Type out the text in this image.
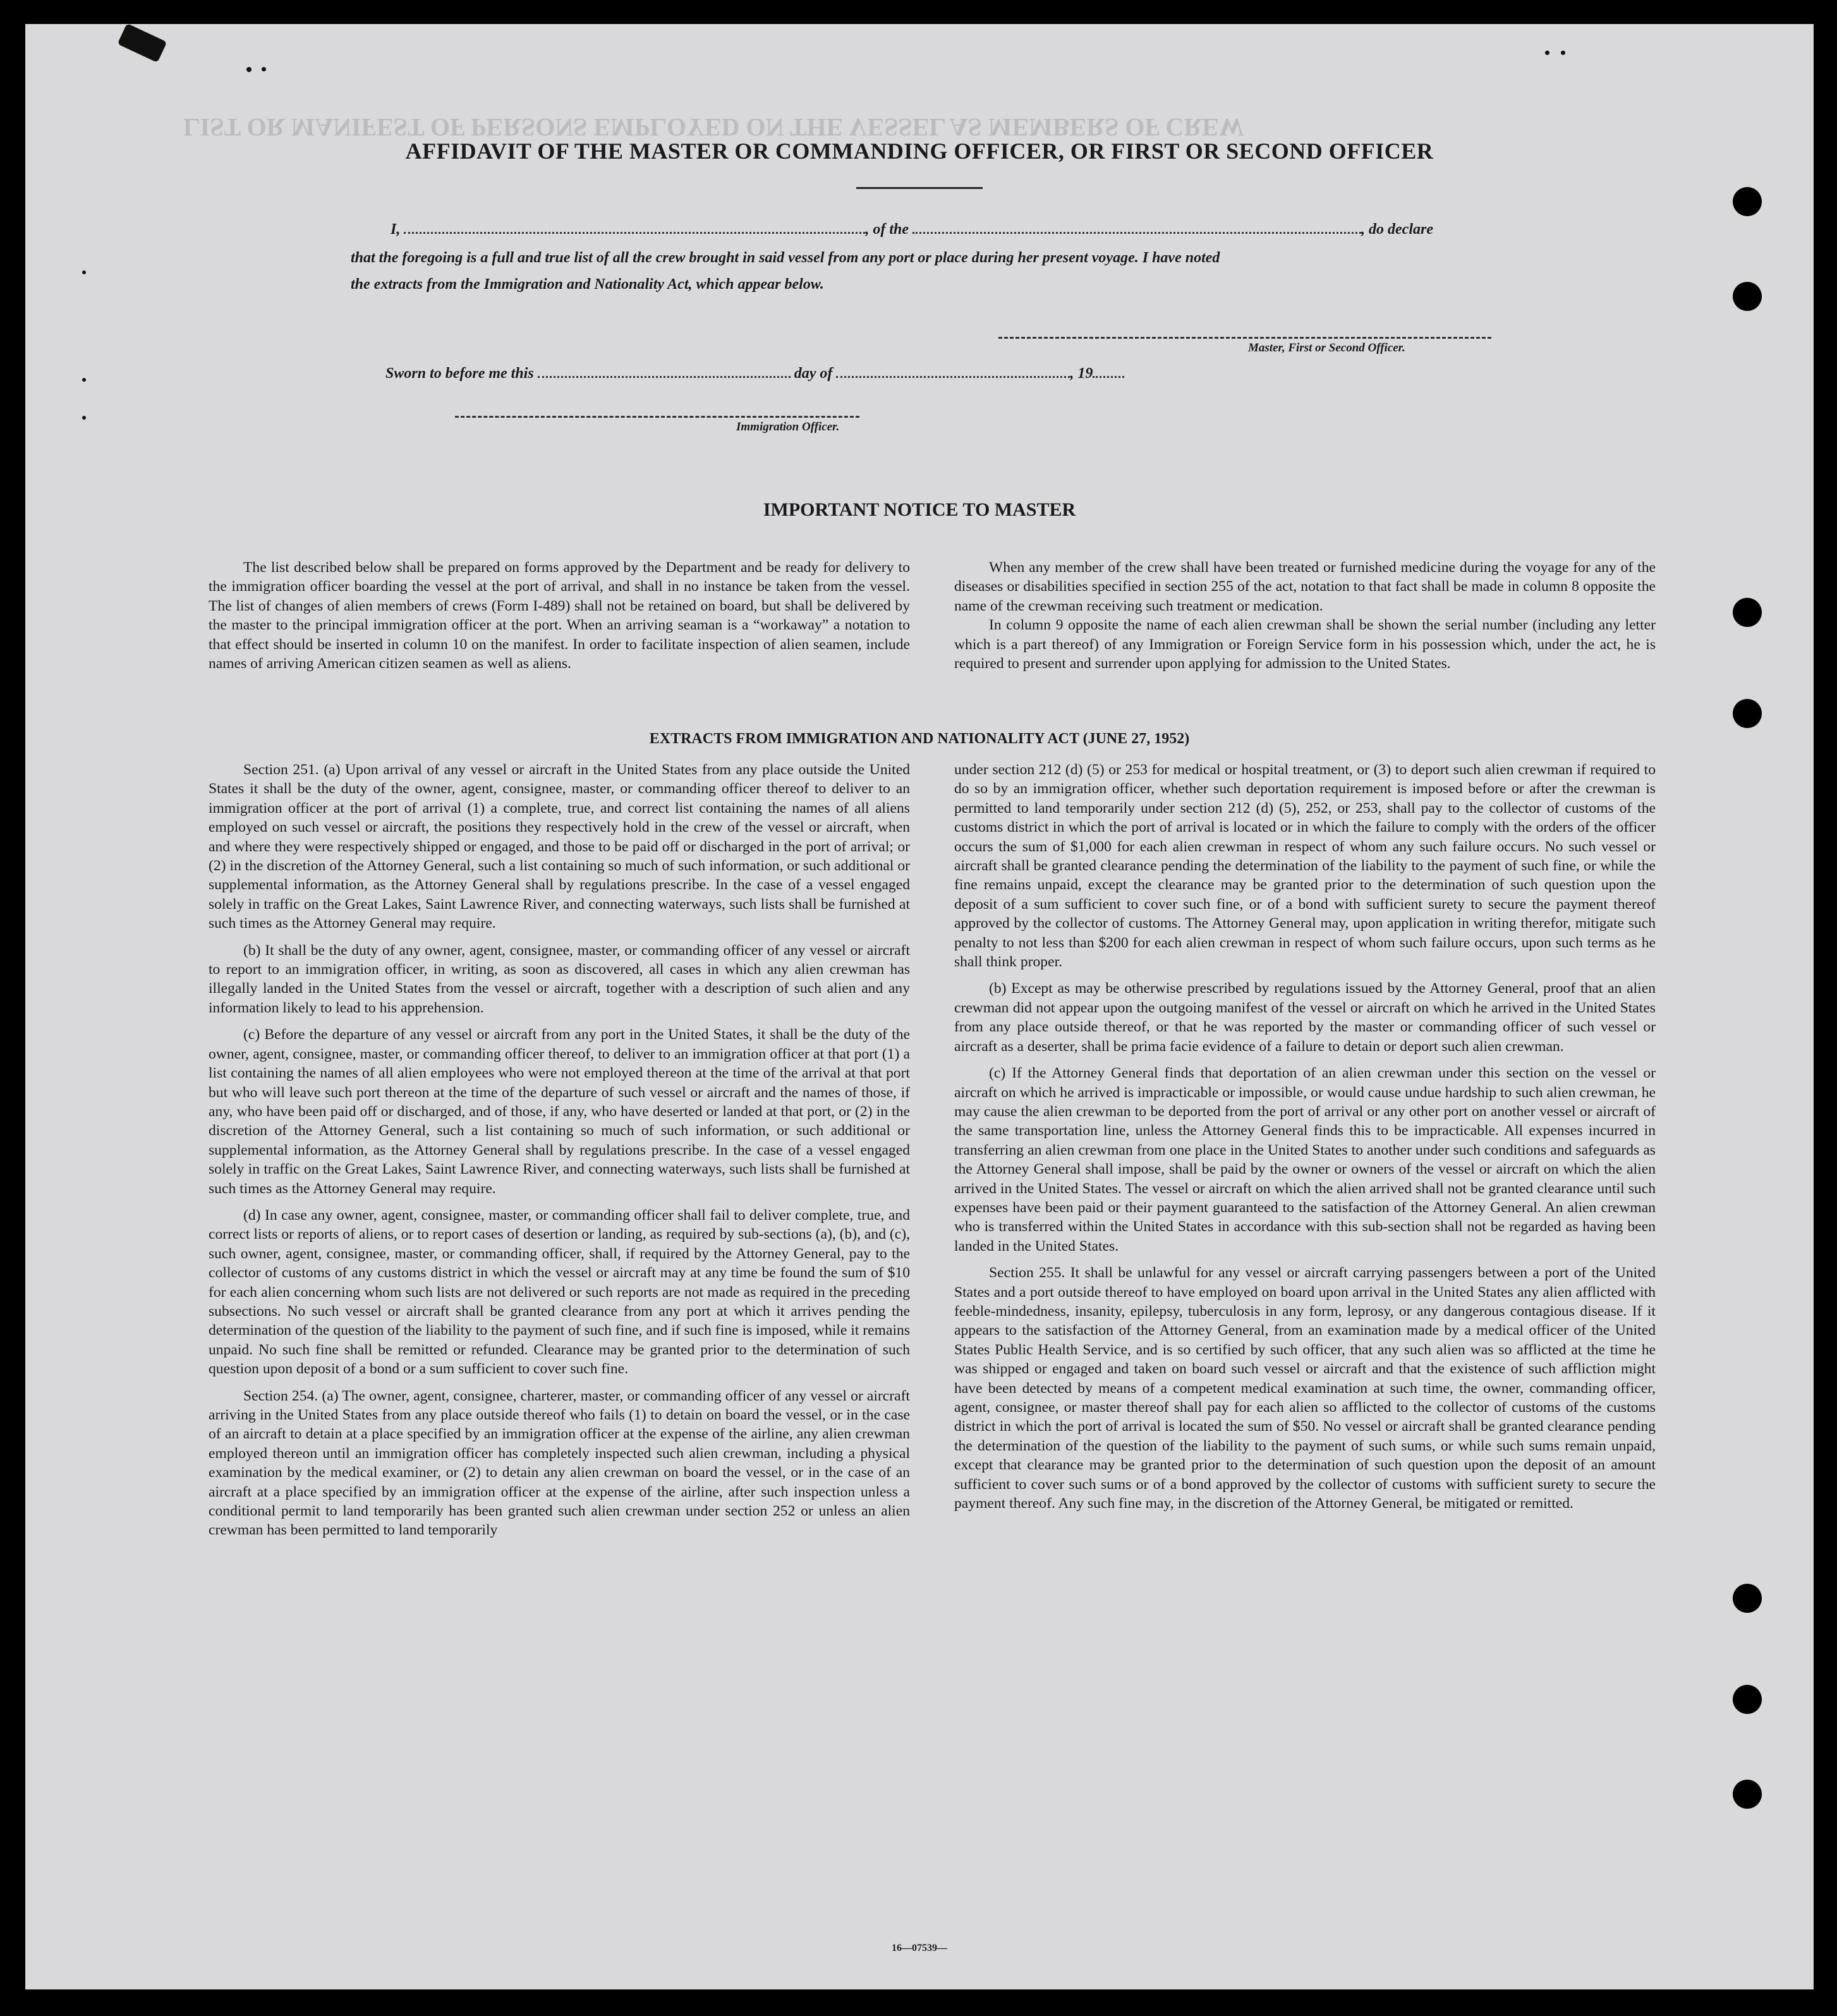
LIST OR MANIFEST OF PERSONS EMPLOYED ON THE VESSEL AS MEMBERS OF CREW
AFFIDAVIT OF THE MASTER OR COMMANDING OFFICER, OR FIRST OR SECOND OFFICER
I,	, of the	, do declare
that the foregoing is a full and true list of all the crew brought in said vessel from any port or place during her present voyage. I have noted
the extracts from the Immigration and Nationality Act, which appear below.
Master, First or Second Officer.
Sworn to before me this	day of	, 19
Immigration Officer.
IMPORTANT NOTICE TO MASTER

The list described below shall be prepared on forms approved by the Department and be ready for delivery to the immigration officer boarding the vessel at the port of arrival, and shall in no instance be taken from the vessel. The list of changes of alien members of crews (Form I-489) shall not be retained on board, but shall be delivered by the master to the principal immigration officer at the port. When an arriving seaman is a “workaway” a notation to that effect should be inserted in column 10 on the manifest. In order to facilitate inspection of alien seamen, include names of arriving American citizen seamen as well as aliens.

When any member of the crew shall have been treated or furnished medicine during the voyage for any of the diseases or disabilities specified in section 255 of the act, notation to that fact shall be made in column 8 opposite the name of the crewman receiving such treatment or medication.

In column 9 opposite the name of each alien crewman shall be shown the serial number (including any letter which is a part thereof) of any Immigration or Foreign Service form in his possession which, under the act, he is required to present and surrender upon applying for admission to the United States.

EXTRACTS FROM IMMIGRATION AND NATIONALITY ACT (JUNE 27, 1952)

Section 251. (a) Upon arrival of any vessel or aircraft in the United States from any place outside the United States it shall be the duty of the owner, agent, consignee, master, or commanding officer thereof to deliver to an immigration officer at the port of arrival (1) a complete, true, and correct list containing the names of all aliens employed on such vessel or aircraft, the positions they respectively hold in the crew of the vessel or aircraft, when and where they were respectively shipped or engaged, and those to be paid off or discharged in the port of arrival; or (2) in the discretion of the Attorney General, such a list containing so much of such information, or such additional or supplemental information, as the Attorney General shall by regulations prescribe. In the case of a vessel engaged solely in traffic on the Great Lakes, Saint Lawrence River, and connecting waterways, such lists shall be furnished at such times as the Attorney General may require.

(b) It shall be the duty of any owner, agent, consignee, master, or commanding officer of any vessel or aircraft to report to an immigration officer, in writing, as soon as discovered, all cases in which any alien crewman has illegally landed in the United States from the vessel or aircraft, together with a description of such alien and any information likely to lead to his apprehension.

(c) Before the departure of any vessel or aircraft from any port in the United States, it shall be the duty of the owner, agent, consignee, master, or commanding officer thereof, to deliver to an immigration officer at that port (1) a list containing the names of all alien employees who were not employed thereon at the time of the arrival at that port but who will leave such port thereon at the time of the departure of such vessel or aircraft and the names of those, if any, who have been paid off or discharged, and of those, if any, who have deserted or landed at that port, or (2) in the discretion of the Attorney General, such a list containing so much of such information, or such additional or supplemental information, as the Attorney General shall by regulations prescribe. In the case of a vessel engaged solely in traffic on the Great Lakes, Saint Lawrence River, and connecting waterways, such lists shall be furnished at such times as the Attorney General may require.

(d) In case any owner, agent, consignee, master, or commanding officer shall fail to deliver complete, true, and correct lists or reports of aliens, or to report cases of desertion or landing, as required by sub-sections (a), (b), and (c), such owner, agent, consignee, master, or commanding officer, shall, if required by the Attorney General, pay to the collector of customs of any customs district in which the vessel or aircraft may at any time be found the sum of $10 for each alien concerning whom such lists are not delivered or such reports are not made as required in the preceding subsections. No such vessel or aircraft shall be granted clearance from any port at which it arrives pending the determination of the question of the liability to the payment of such fine, and if such fine is imposed, while it remains unpaid. No such fine shall be remitted or refunded. Clearance may be granted prior to the determination of such question upon deposit of a bond or a sum sufficient to cover such fine.

Section 254. (a) The owner, agent, consignee, charterer, master, or commanding officer of any vessel or aircraft arriving in the United States from any place outside thereof who fails (1) to detain on board the vessel, or in the case of an aircraft to detain at a place specified by an immigration officer at the expense of the airline, any alien crewman employed thereon until an immigration officer has completely inspected such alien crewman, including a physical examination by the medical examiner, or (2) to detain any alien crewman on board the vessel, or in the case of an aircraft at a place specified by an immigration officer at the expense of the airline, after such inspection unless a conditional permit to land temporarily has been granted such alien crewman under section 252 or unless an alien crewman has been permitted to land temporarily

under section 212 (d) (5) or 253 for medical or hospital treatment, or (3) to deport such alien crewman if required to do so by an immigration officer, whether such deportation requirement is imposed before or after the crewman is permitted to land temporarily under section 212 (d) (5), 252, or 253, shall pay to the collector of customs of the customs district in which the port of arrival is located or in which the failure to comply with the orders of the officer occurs the sum of $1,000 for each alien crewman in respect of whom any such failure occurs. No such vessel or aircraft shall be granted clearance pending the determination of the liability to the payment of such fine, or while the fine remains unpaid, except the clearance may be granted prior to the determination of such question upon the deposit of a sum sufficient to cover such fine, or of a bond with sufficient surety to secure the payment thereof approved by the collector of customs. The Attorney General may, upon application in writing therefor, mitigate such penalty to not less than $200 for each alien crewman in respect of whom such failure occurs, upon such terms as he shall think proper.

(b) Except as may be otherwise prescribed by regulations issued by the Attorney General, proof that an alien crewman did not appear upon the outgoing manifest of the vessel or aircraft on which he arrived in the United States from any place outside thereof, or that he was reported by the master or commanding officer of such vessel or aircraft as a deserter, shall be prima facie evidence of a failure to detain or deport such alien crewman.

(c) If the Attorney General finds that deportation of an alien crewman under this section on the vessel or aircraft on which he arrived is impracticable or impossible, or would cause undue hardship to such alien crewman, he may cause the alien crewman to be deported from the port of arrival or any other port on another vessel or aircraft of the same transportation line, unless the Attorney General finds this to be impracticable. All expenses incurred in transferring an alien crewman from one place in the United States to another under such conditions and safeguards as the Attorney General shall impose, shall be paid by the owner or owners of the vessel or aircraft on which the alien arrived in the United States. The vessel or aircraft on which the alien arrived shall not be granted clearance until such expenses have been paid or their payment guaranteed to the satisfaction of the Attorney General. An alien crewman who is transferred within the United States in accordance with this sub-section shall not be regarded as having been landed in the United States.

Section 255. It shall be unlawful for any vessel or aircraft carrying passengers between a port of the United States and a port outside thereof to have employed on board upon arrival in the United States any alien afflicted with feeble-mindedness, insanity, epilepsy, tuberculosis in any form, leprosy, or any dangerous contagious disease. If it appears to the satisfaction of the Attorney General, from an examination made by a medical officer of the United States Public Health Service, and is so certified by such officer, that any such alien was so afflicted at the time he was shipped or engaged and taken on board such vessel or aircraft and that the existence of such affliction might have been detected by means of a competent medical examination at such time, the owner, commanding officer, agent, consignee, or master thereof shall pay for each alien so afflicted to the collector of customs of the customs district in which the port of arrival is located the sum of $50. No vessel or aircraft shall be granted clearance pending the determination of the question of the liability to the payment of such sums, or while such sums remain unpaid, except that clearance may be granted prior to the determination of such question upon the deposit of an amount sufficient to cover such sums or of a bond approved by the collector of customs with sufficient surety to secure the payment thereof. Any such fine may, in the discretion of the Attorney General, be mitigated or remitted.

16—07539—
